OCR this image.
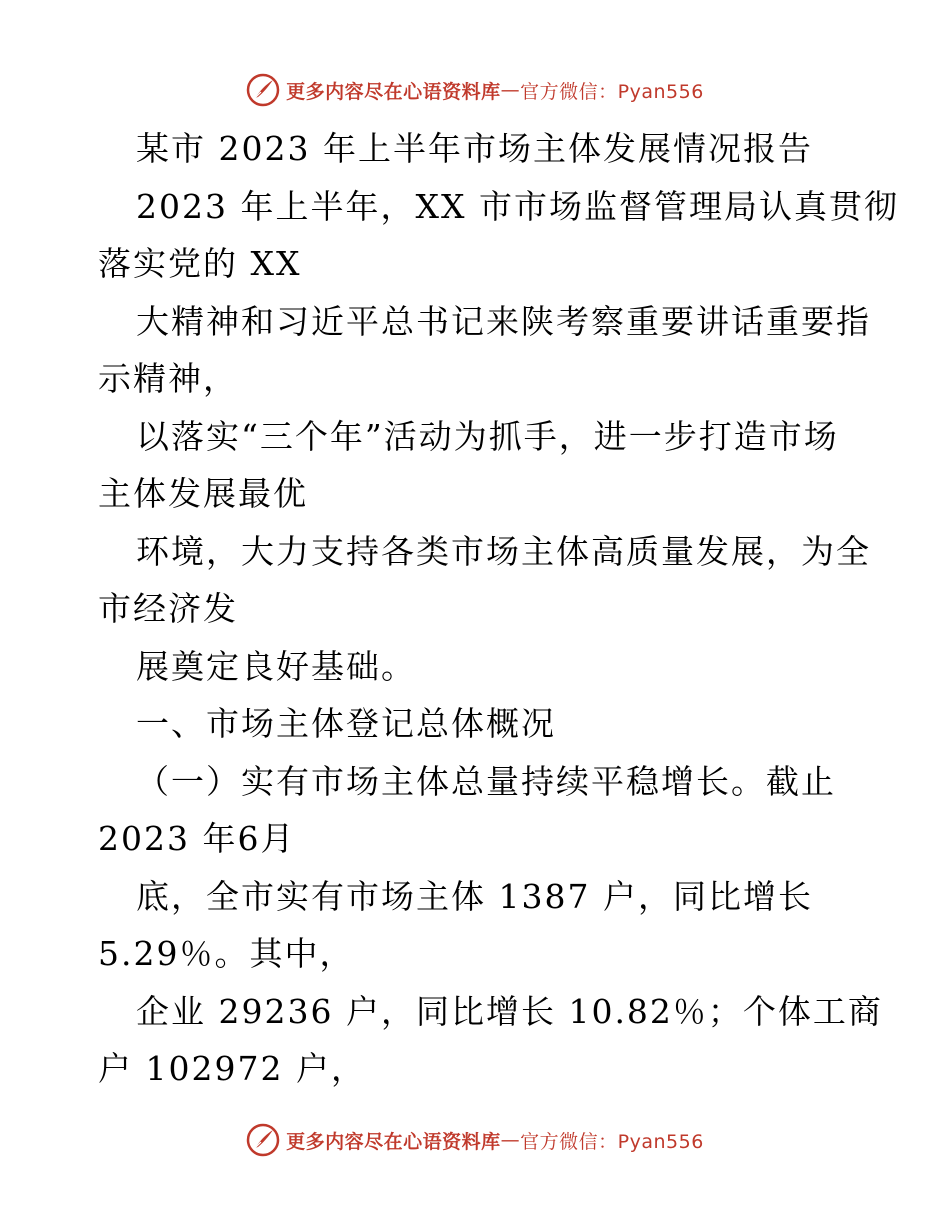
更多内容尽在心语资料库 — 官方微信：Pyan556
某市 2023 年上半年市场主体发展情况报告
2023 年上半年，XX 市市场监督管理局认真贯彻
落实党的 XX
大精神和习近平总书记来陕考察重要讲话重要指
示精神，
以落实“三个年”活动为抓手，进一步打造市场
主体发展最优
环境，大力支持各类市场主体高质量发展，为全
市经济发
展奠定良好基础。
一、市场主体登记总体概况
（一）实有市场主体总量持续平稳增长。截止
2023 年6月
底，全市实有市场主体 1387 户，同比增长
5.29％。其中，
企业 29236 户，同比增长 10.82％；个体工商
户 102972 户，
更多内容尽在心语资料库 — 官方微信：Pyan556
